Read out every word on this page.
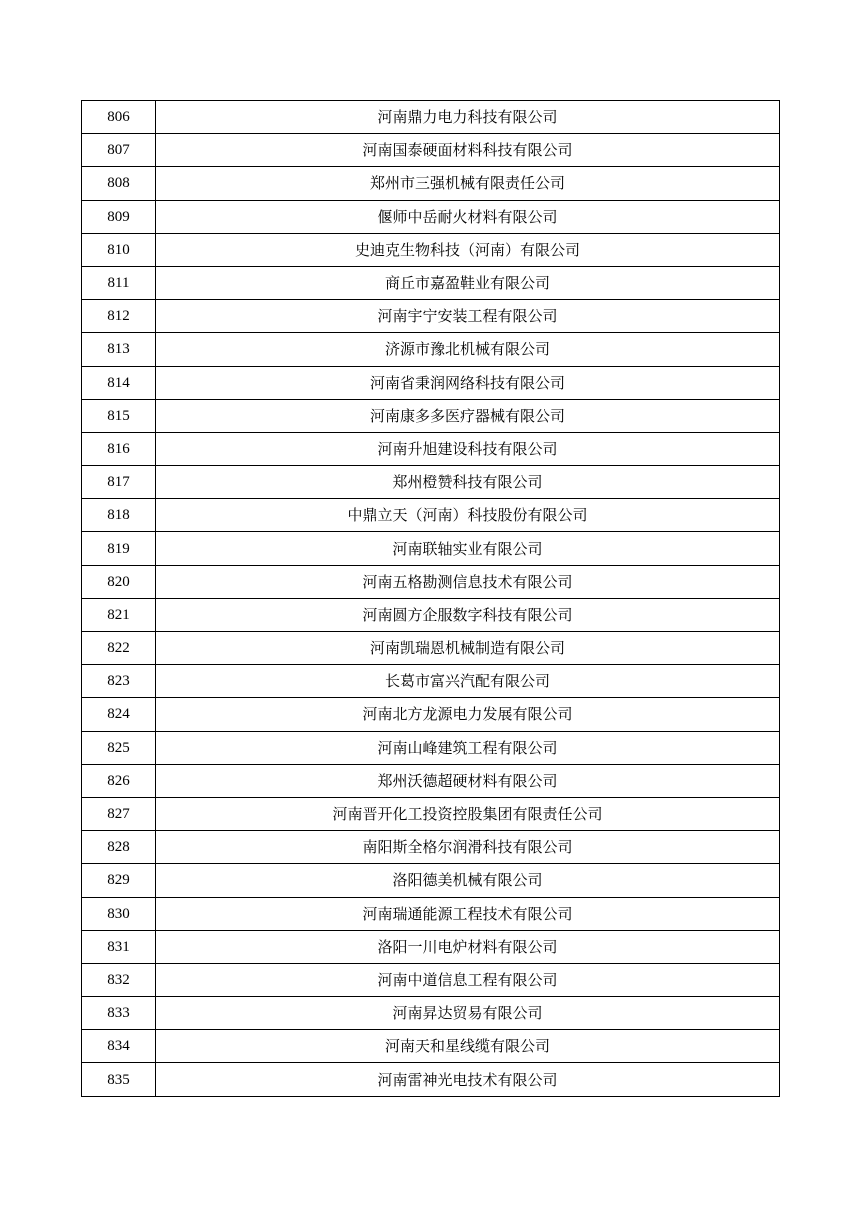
806	河南鼎力电力科技有限公司
807	河南国泰硬面材料科技有限公司
808	郑州市三强机械有限责任公司
809	偃师中岳耐火材料有限公司
810	史迪克生物科技（河南）有限公司
811	商丘市嘉盈鞋业有限公司
812	河南宇宁安装工程有限公司
813	济源市豫北机械有限公司
814	河南省秉润网络科技有限公司
815	河南康多多医疗器械有限公司
816	河南升旭建设科技有限公司
817	郑州橙赞科技有限公司
818	中鼎立天（河南）科技股份有限公司
819	河南联轴实业有限公司
820	河南五格勘测信息技术有限公司
821	河南圆方企服数字科技有限公司
822	河南凯瑞恩机械制造有限公司
823	长葛市富兴汽配有限公司
824	河南北方龙源电力发展有限公司
825	河南山峰建筑工程有限公司
826	郑州沃德超硬材料有限公司
827	河南晋开化工投资控股集团有限责任公司
828	南阳斯全格尔润滑科技有限公司
829	洛阳德美机械有限公司
830	河南瑞通能源工程技术有限公司
831	洛阳一川电炉材料有限公司
832	河南中道信息工程有限公司
833	河南昇达贸易有限公司
834	河南天和星线缆有限公司
835	河南雷神光电技术有限公司
